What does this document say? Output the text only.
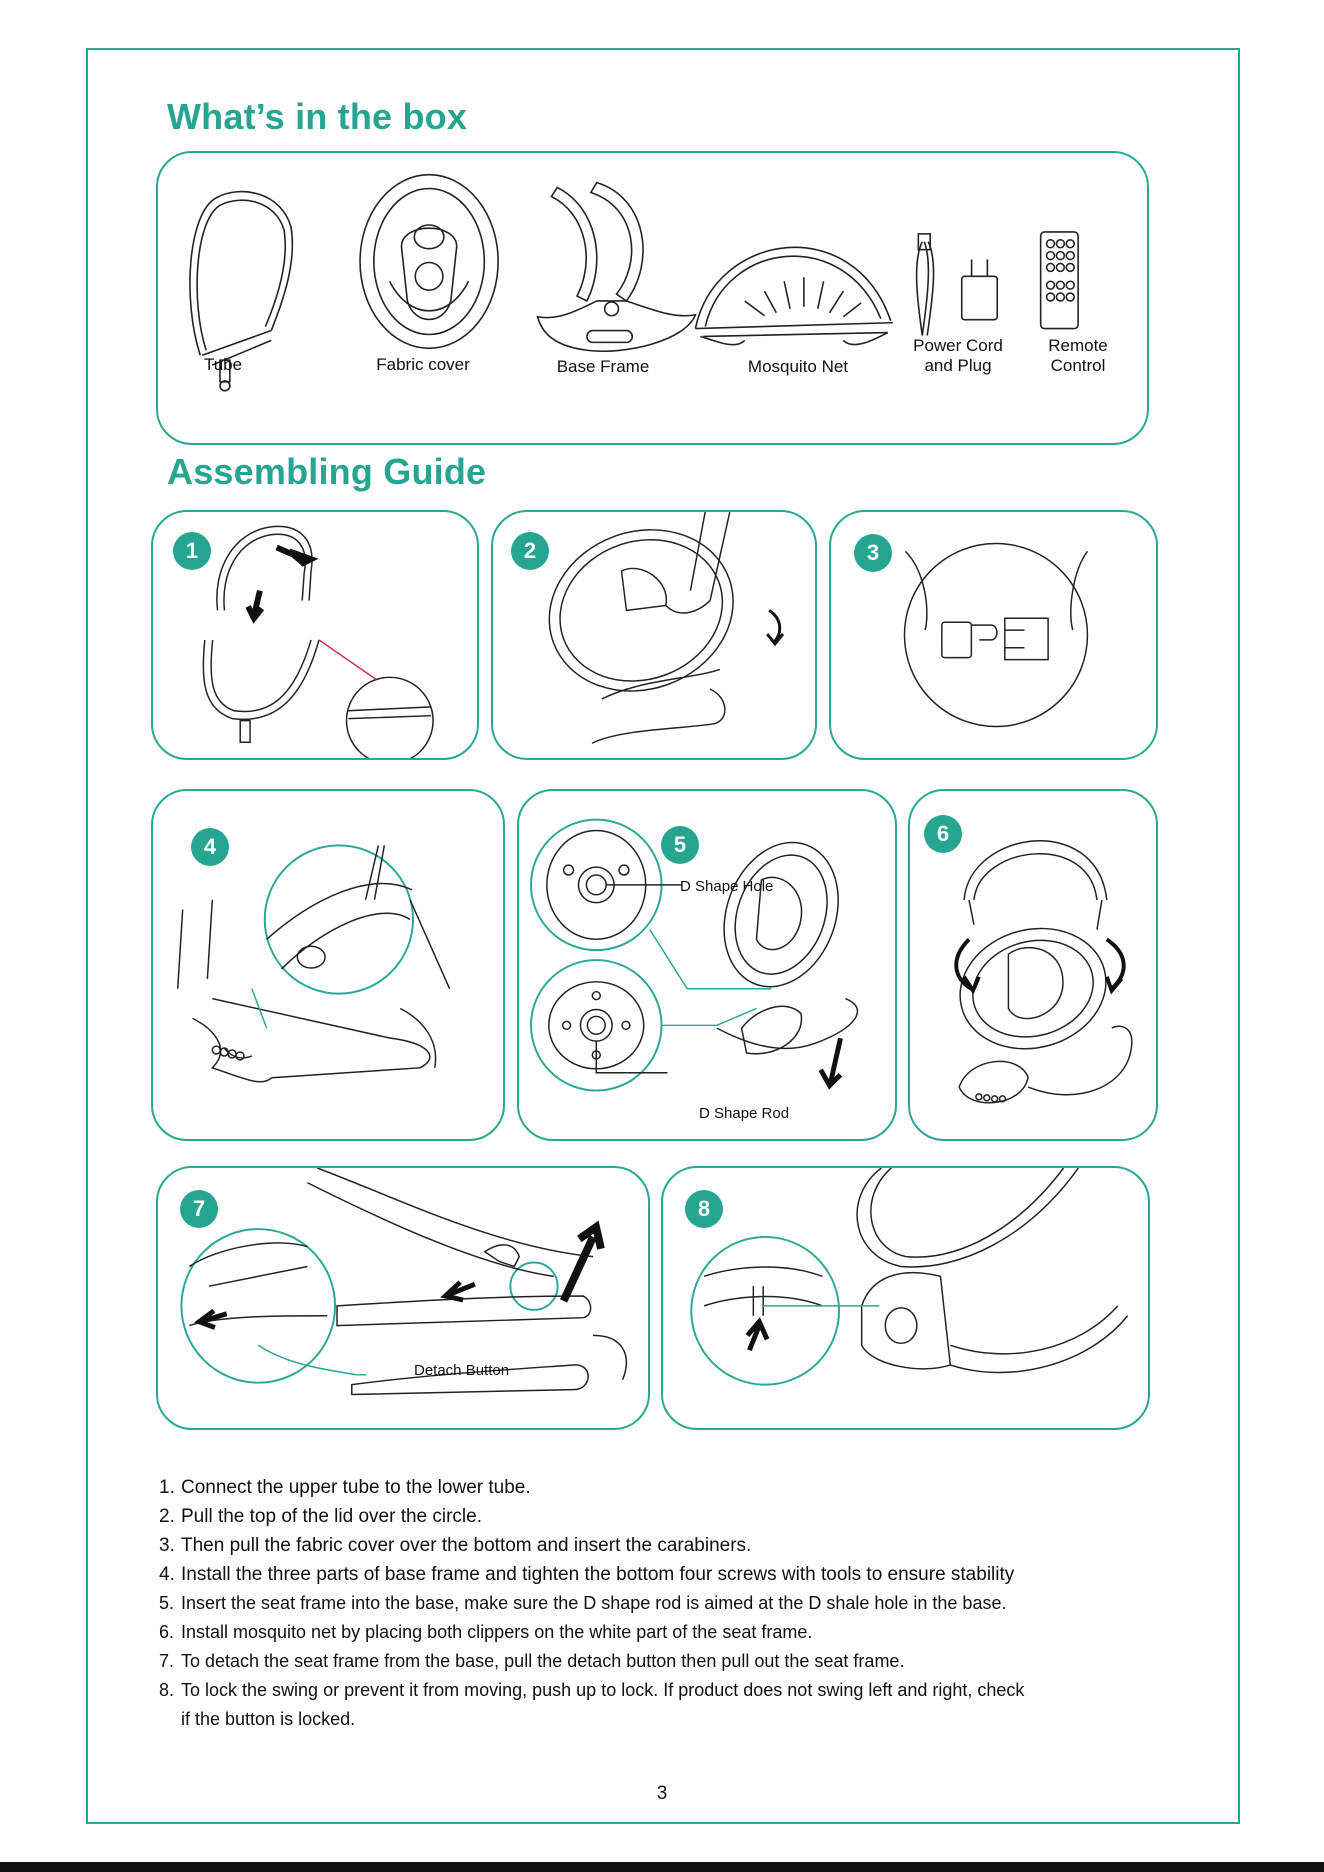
What’s in the box
Tube	Fabric cover	Base Frame	Mosquito Net
Power Cord
and Plug
Remote
Control
Assembling Guide
1	2	3
4	5
D Shape Hole
D Shape Rod
6
7
Detach Button
8
1. Connect the upper tube to the lower tube.
2. Pull the top of the lid over the circle.
3. Then pull the fabric cover over the bottom and insert the carabiners.
4. Install the three parts of base frame and tighten the bottom four screws with tools to ensure stability
5. Insert the seat frame into the base, make sure the D shape rod is aimed at the D shale hole in the base.
6. Install mosquito net by placing both clippers on the white part of the seat frame.
7. To detach the seat frame from the base, pull the detach button then pull out the seat frame.
8. To lock the swing or prevent it from moving, push up to lock. If product does not swing left and right, check
if the button is locked.
3
